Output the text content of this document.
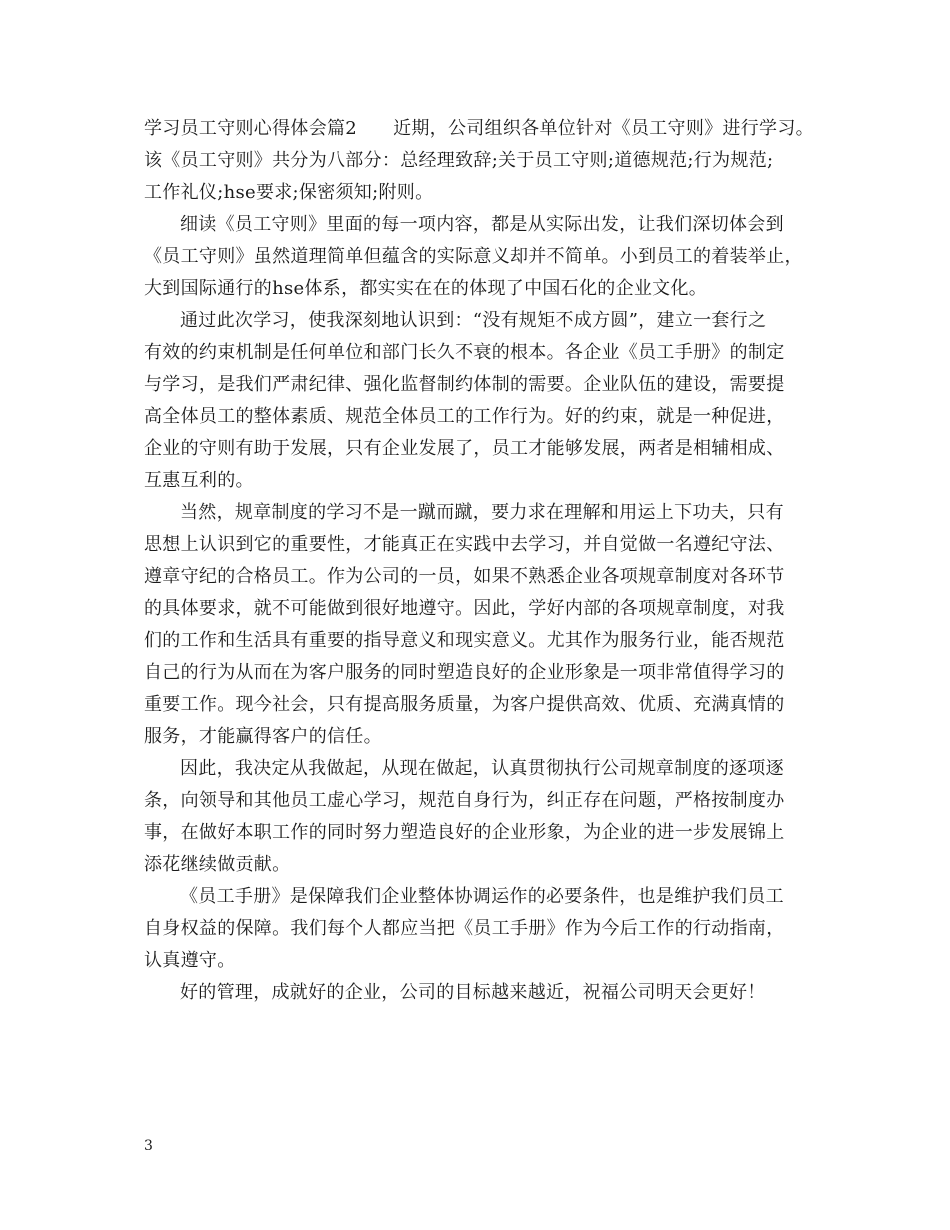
学习员工守则心得体会篇2 近期，公司组织各单位针对《员工守则》进行学习。
该《员工守则》共分为八部分：总经理致辞;关于员工守则;道德规范;行为规范;
工作礼仪;hse要求;保密须知;附则。
细读《员工守则》里面的每一项内容，都是从实际出发，让我们深切体会到
《员工守则》虽然道理简单但蕴含的实际意义却并不简单。小到员工的着装举止，
大到国际通行的hse体系，都实实在在的体现了中国石化的企业文化。
通过此次学习，使我深刻地认识到：“没有规矩不成方圆”，建立一套行之
有效的约束机制是任何单位和部门长久不衰的根本。各企业《员工手册》的制定
与学习，是我们严肃纪律、强化监督制约体制的需要。企业队伍的建设，需要提
高全体员工的整体素质、规范全体员工的工作行为。好的约束，就是一种促进，
企业的守则有助于发展，只有企业发展了，员工才能够发展，两者是相辅相成、
互惠互利的。
当然，规章制度的学习不是一蹴而蹴，要力求在理解和用运上下功夫，只有
思想上认识到它的重要性，才能真正在实践中去学习，并自觉做一名遵纪守法、
遵章守纪的合格员工。作为公司的一员，如果不熟悉企业各项规章制度对各环节
的具体要求，就不可能做到很好地遵守。因此，学好内部的各项规章制度，对我
们的工作和生活具有重要的指导意义和现实意义。尤其作为服务行业，能否规范
自己的行为从而在为客户服务的同时塑造良好的企业形象是一项非常值得学习的
重要工作。现今社会，只有提高服务质量，为客户提供高效、优质、充满真情的
服务，才能赢得客户的信任。
因此，我决定从我做起，从现在做起，认真贯彻执行公司规章制度的逐项逐
条，向领导和其他员工虚心学习，规范自身行为，纠正存在问题，严格按制度办
事，在做好本职工作的同时努力塑造良好的企业形象，为企业的进一步发展锦上
添花继续做贡献。
《员工手册》是保障我们企业整体协调运作的必要条件，也是维护我们员工
自身权益的保障。我们每个人都应当把《员工手册》作为今后工作的行动指南，
认真遵守。
好的管理，成就好的企业，公司的目标越来越近，祝福公司明天会更好！
3
